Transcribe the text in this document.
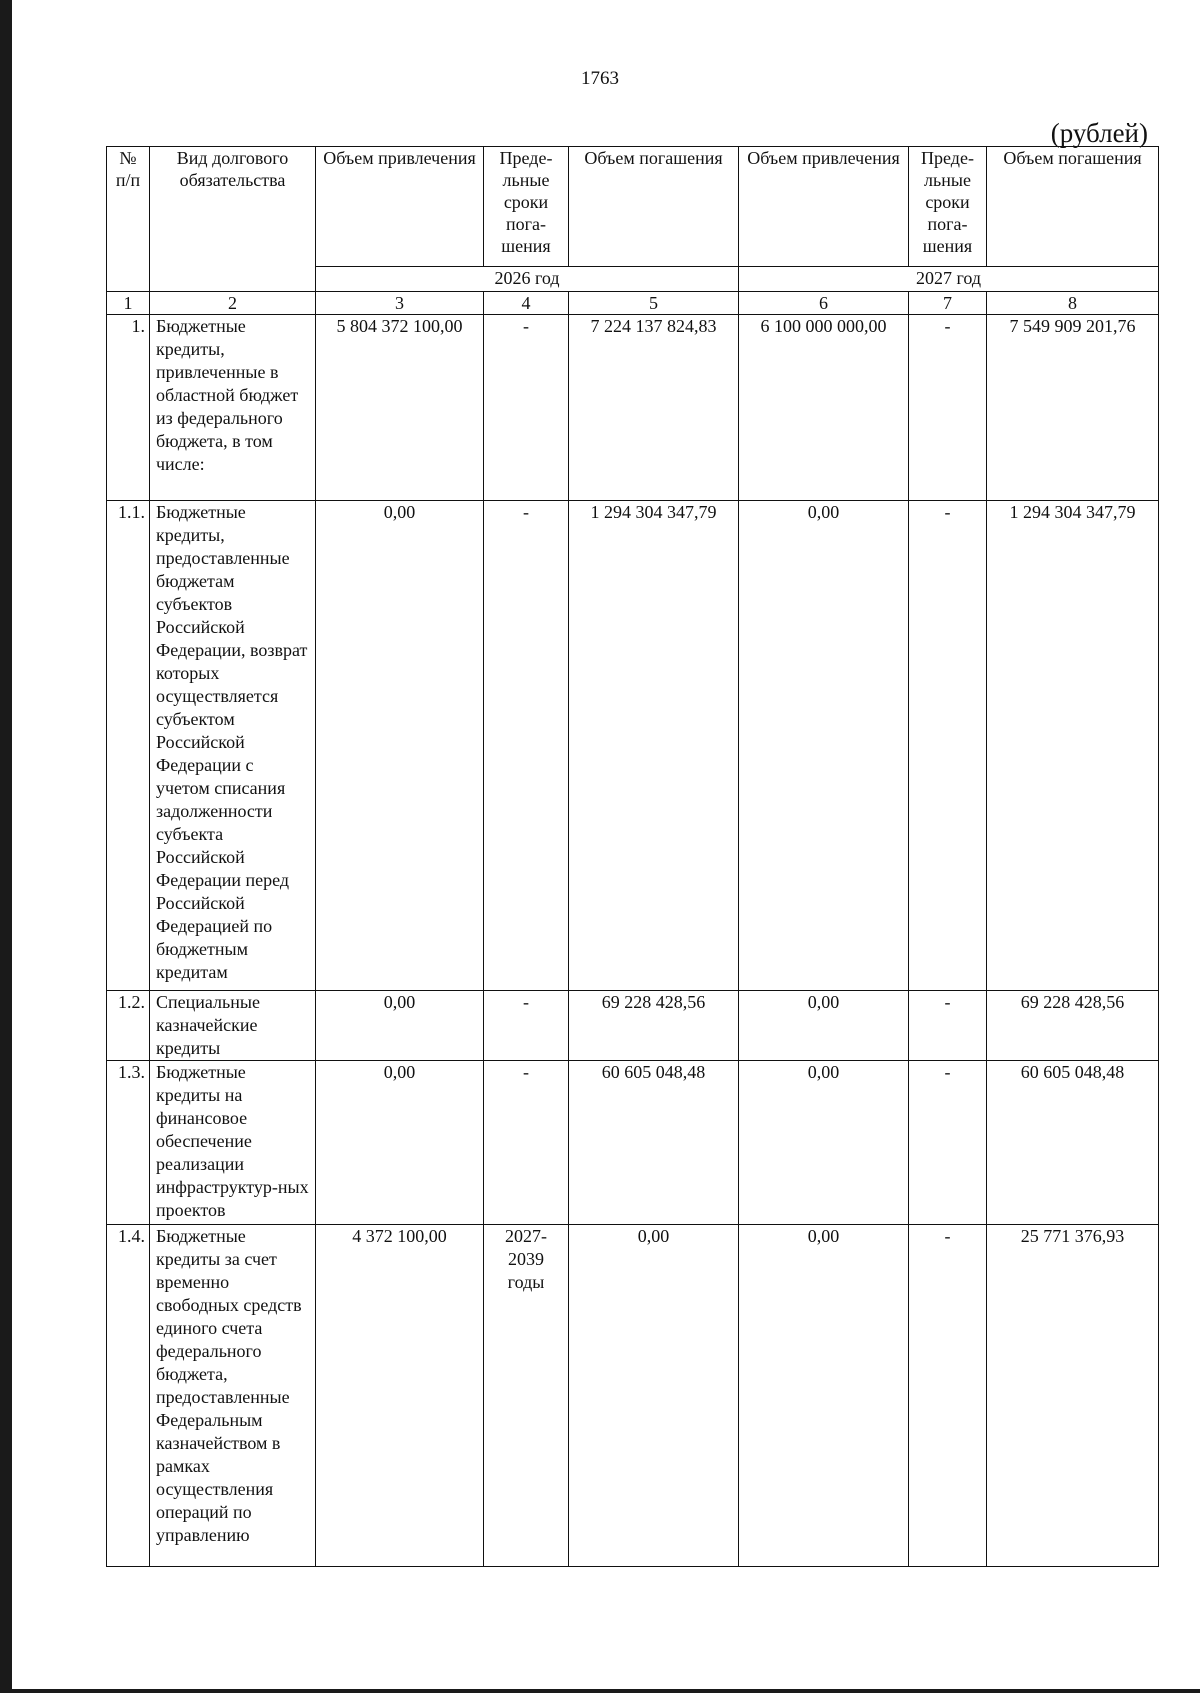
1763
(рублей)
№ п/п	Вид долгового обязательства	Объем привлечения	Преде-льные сроки пога-шения	Объем погашения	Объем привлечения	Преде-льные сроки пога-шения	Объем погашения
		2026 год			2027 год		
1	2	3	4	5	6	7	8
1.	Бюджетные кредиты, привлеченные в областной бюджет из федерального бюджета, в том числе:	5 804 372 100,00	-	7 224 137 824,83	6 100 000 000,00	-	7 549 909 201,76
1.1.	Бюджетные кредиты, предоставленные бюджетам субъектов Российской Федерации, возврат которых осуществляется субъектом Российской Федерации с учетом списания задолженности субъекта Российской Федерации перед Российской Федерацией по бюджетным кредитам	0,00	-	1 294 304 347,79	0,00	-	1 294 304 347,79
1.2.	Специальные казначейские кредиты	0,00	-	69 228 428,56	0,00	-	69 228 428,56
1.3.	Бюджетные кредиты на финансовое обеспечение реализации инфраструктур-ных проектов	0,00	-	60 605 048,48	0,00	-	60 605 048,48
1.4.	Бюджетные кредиты за счет временно свободных средств единого счета федерального бюджета, предоставленные Федеральным казначейством в рамках осуществления операций по управлению	4 372 100,00	2027-2039 годы	0,00	0,00	-	25 771 376,93
